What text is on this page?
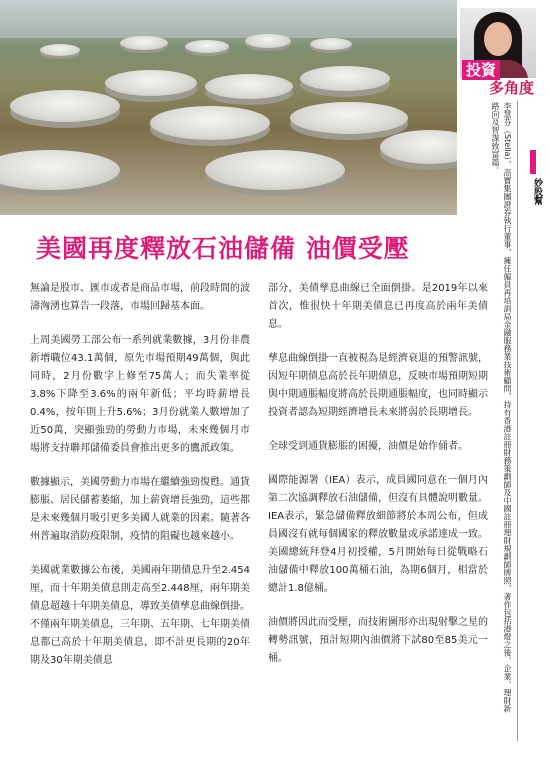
投資
多角度
李慧芬（Stella），高寶集團證券執行董事，擁任僱員再培訓局金融服務業技術顧問，持有香港註冊財務策劃師及中國註冊理財規劃師牌照，著作包括港燈之後、企業、理財新
路向及智謀致富篇。
妙股幫
美國再度釋放石油儲備 油價受壓

無論是股市、匯市或者是商品市場，前段時間的波濤洶湧也算告一段落，市場回歸基本面。

上周美國勞工部公布一系列就業數據，3月份非農新增職位43.1萬個，原先市場預期49萬個，與此同時，2月份數字上修至75萬人；而失業率從3.8%下降至3.6%的兩年新低；平均時薪增長0.4%，按年則上升5.6%；3月份就業人數增加了近50萬，突顯強勁的勞動力市場，未來幾個月市場將支持聯邦儲備委員會推出更多的鷹派政策。

數據顯示，美國勞動力市場在繼續強勁復甦。通貨膨脹、居民儲蓄萎縮，加上薪資增長強勁，這些都是未來幾個月吸引更多美國人就業的因素。隨著各州普遍取消防疫限制，疫情的阻礙也越來越小。

美國就業數據公布後，美國兩年期債息升至2.454厘，而十年期美債息則走高至2.448厘，兩年期美債息超越十年期美債息，導致美債孳息曲線倒掛。不僅兩年期美債息，三年期、五年期、七年期美債息都已高於十年期美債息，即不計更長期的20年期及30年期美債息

部分，美債孳息曲線已全面倒掛。是2019年以來首次，惟很快十年期美債息已再度高於兩年美債息。

孳息曲線倒掛一直被視為是經濟衰退的預警訊號，因短年期債息高於長年期債息，反映市場預期短期與中期通脹幅度將高於長期通脹幅度，也同時顯示投資者認為短期經濟增長未來將弱於長期增長。

全球受到通貨膨脹的困擾，油價是始作俑者。

國際能源署（IEA）表示，成員國同意在一個月內第二次協調釋放石油儲備，但沒有具體說明數量。IEA表示，緊急儲備釋放細節將於本周公布，但成員國沒有就每個國家的釋放數量或承諾達成一致。美國總統拜登4月初授權，5月開始每日從戰略石油儲備中釋放100萬桶石油，為期6個月，相當於總計1.8億桶。

油價將因此而受壓，而技術圖形亦出現射擊之星的轉勢訊號，預計短期內油價將下試80至85美元一桶。
